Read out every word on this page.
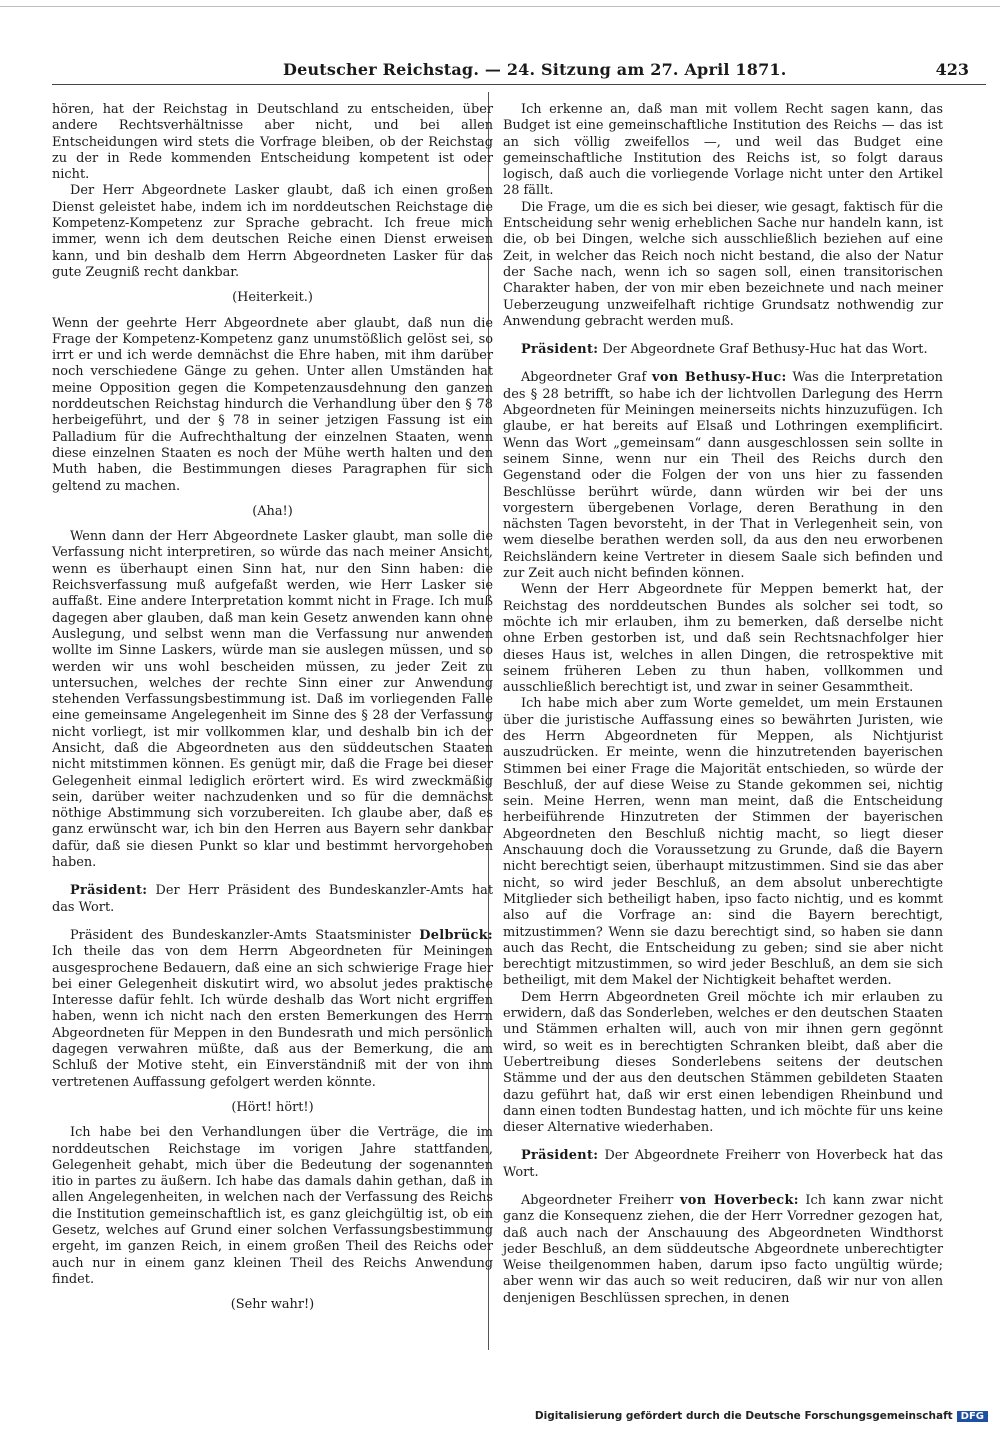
Deutscher Reichstag. — 24. Sitzung am 27. April 1871.	423

hören, hat der Reichstag in Deutschland zu entscheiden, über andere Rechtsverhältnisse aber nicht, und bei allen Entscheidungen wird stets die Vorfrage bleiben, ob der Reichstag zu der in Rede kommenden Entscheidung kompetent ist oder nicht.

Der Herr Abgeordnete Lasker glaubt, daß ich einen großen Dienst geleistet habe, indem ich im norddeutschen Reichstage die Kompetenz-Kompetenz zur Sprache gebracht. Ich freue mich immer, wenn ich dem deutschen Reiche einen Dienst erweisen kann, und bin deshalb dem Herrn Abgeordneten Lasker für das gute Zeugniß recht dankbar.

(Heiterkeit.)

Wenn der geehrte Herr Abgeordnete aber glaubt, daß nun die Frage der Kompetenz-Kompetenz ganz unumstößlich gelöst sei, so irrt er und ich werde demnächst die Ehre haben, mit ihm darüber noch verschiedene Gänge zu gehen. Unter allen Umständen hat meine Opposition gegen die Kompetenzausdehnung den ganzen norddeutschen Reichstag hindurch die Verhandlung über den § 78 herbeigeführt, und der § 78 in seiner jetzigen Fassung ist ein Palladium für die Aufrechthaltung der einzelnen Staaten, wenn diese einzelnen Staaten es noch der Mühe werth halten und den Muth haben, die Bestimmungen dieses Paragraphen für sich geltend zu machen.

(Aha!)

Wenn dann der Herr Abgeordnete Lasker glaubt, man solle die Verfassung nicht interpretiren, so würde das nach meiner Ansicht, wenn es überhaupt einen Sinn hat, nur den Sinn haben: die Reichsverfassung muß aufgefaßt werden, wie Herr Lasker sie auffaßt. Eine andere Interpretation kommt nicht in Frage. Ich muß dagegen aber glauben, daß man kein Gesetz anwenden kann ohne Auslegung, und selbst wenn man die Verfassung nur anwenden wollte im Sinne Laskers, würde man sie auslegen müssen, und so werden wir uns wohl bescheiden müssen, zu jeder Zeit zu untersuchen, welches der rechte Sinn einer zur Anwendung stehenden Verfassungsbestimmung ist. Daß im vorliegenden Falle eine gemeinsame Angelegenheit im Sinne des § 28 der Verfassung nicht vorliegt, ist mir vollkommen klar, und deshalb bin ich der Ansicht, daß die Abgeordneten aus den süddeutschen Staaten nicht mitstimmen können. Es genügt mir, daß die Frage bei dieser Gelegenheit einmal lediglich erörtert wird. Es wird zweckmäßig sein, darüber weiter nachzudenken und so für die demnächst nöthige Abstimmung sich vorzubereiten. Ich glaube aber, daß es ganz erwünscht war, ich bin den Herren aus Bayern sehr dankbar dafür, daß sie diesen Punkt so klar und bestimmt hervorgehoben haben.

Präsident: Der Herr Präsident des Bundeskanzler-Amts hat das Wort.

Präsident des Bundeskanzler-Amts Staatsminister Delbrück: Ich theile das von dem Herrn Abgeordneten für Meiningen ausgesprochene Bedauern, daß eine an sich schwierige Frage hier bei einer Gelegenheit diskutirt wird, wo absolut jedes praktische Interesse dafür fehlt. Ich würde deshalb das Wort nicht ergriffen haben, wenn ich nicht nach den ersten Bemerkungen des Herrn Abgeordneten für Meppen in den Bundesrath und mich persönlich dagegen verwahren müßte, daß aus der Bemerkung, die am Schluß der Motive steht, ein Einverständniß mit der von ihm vertretenen Auffassung gefolgert werden könnte.

(Hört! hört!)

Ich habe bei den Verhandlungen über die Verträge, die im norddeutschen Reichstage im vorigen Jahre stattfanden, Gelegenheit gehabt, mich über die Bedeutung der sogenannten itio in partes zu äußern. Ich habe das damals dahin gethan, daß in allen Angelegenheiten, in welchen nach der Verfassung des Reichs die Institution gemeinschaftlich ist, es ganz gleichgültig ist, ob ein Gesetz, welches auf Grund einer solchen Verfassungsbestimmung ergeht, im ganzen Reich, in einem großen Theil des Reichs oder auch nur in einem ganz kleinen Theil des Reichs Anwendung findet.

(Sehr wahr!)

Ich erkenne an, daß man mit vollem Recht sagen kann, das Budget ist eine gemeinschaftliche Institution des Reichs — das ist an sich völlig zweifellos —, und weil das Budget eine gemeinschaftliche Institution des Reichs ist, so folgt daraus logisch, daß auch die vorliegende Vorlage nicht unter den Artikel 28 fällt.

Die Frage, um die es sich bei dieser, wie gesagt, faktisch für die Entscheidung sehr wenig erheblichen Sache nur handeln kann, ist die, ob bei Dingen, welche sich ausschließlich beziehen auf eine Zeit, in welcher das Reich noch nicht bestand, die also der Natur der Sache nach, wenn ich so sagen soll, einen transitorischen Charakter haben, der von mir eben bezeichnete und nach meiner Ueberzeugung unzweifelhaft richtige Grundsatz nothwendig zur Anwendung gebracht werden muß.

Präsident: Der Abgeordnete Graf Bethusy-Huc hat das Wort.

Abgeordneter Graf von Bethusy-Huc: Was die Interpretation des § 28 betrifft, so habe ich der lichtvollen Darlegung des Herrn Abgeordneten für Meiningen meinerseits nichts hinzuzufügen. Ich glaube, er hat bereits auf Elsaß und Lothringen exemplificirt. Wenn das Wort „gemeinsam“ dann ausgeschlossen sein sollte in seinem Sinne, wenn nur ein Theil des Reichs durch den Gegenstand oder die Folgen der von uns hier zu fassenden Beschlüsse berührt würde, dann würden wir bei der uns vorgestern übergebenen Vorlage, deren Berathung in den nächsten Tagen bevorsteht, in der That in Verlegenheit sein, von wem dieselbe berathen werden soll, da aus den neu erworbenen Reichsländern keine Vertreter in diesem Saale sich befinden und zur Zeit auch nicht befinden können.

Wenn der Herr Abgeordnete für Meppen bemerkt hat, der Reichstag des norddeutschen Bundes als solcher sei todt, so möchte ich mir erlauben, ihm zu bemerken, daß derselbe nicht ohne Erben gestorben ist, und daß sein Rechtsnachfolger hier dieses Haus ist, welches in allen Dingen, die retrospektive mit seinem früheren Leben zu thun haben, vollkommen und ausschließlich berechtigt ist, und zwar in seiner Gesammtheit.

Ich habe mich aber zum Worte gemeldet, um mein Erstaunen über die juristische Auffassung eines so bewährten Juristen, wie des Herrn Abgeordneten für Meppen, als Nichtjurist auszudrücken. Er meinte, wenn die hinzutretenden bayerischen Stimmen bei einer Frage die Majorität entschieden, so würde der Beschluß, der auf diese Weise zu Stande gekommen sei, nichtig sein. Meine Herren, wenn man meint, daß die Entscheidung herbeiführende Hinzutreten der Stimmen der bayerischen Abgeordneten den Beschluß nichtig macht, so liegt dieser Anschauung doch die Voraussetzung zu Grunde, daß die Bayern nicht berechtigt seien, überhaupt mitzustimmen. Sind sie das aber nicht, so wird jeder Beschluß, an dem absolut unberechtigte Mitglieder sich betheiligt haben, ipso facto nichtig, und es kommt also auf die Vorfrage an: sind die Bayern berechtigt, mitzustimmen? Wenn sie dazu berechtigt sind, so haben sie dann auch das Recht, die Entscheidung zu geben; sind sie aber nicht berechtigt mitzustimmen, so wird jeder Beschluß, an dem sie sich betheiligt, mit dem Makel der Nichtigkeit behaftet werden.

Dem Herrn Abgeordneten Greil möchte ich mir erlauben zu erwidern, daß das Sonderleben, welches er den deutschen Staaten und Stämmen erhalten will, auch von mir ihnen gern gegönnt wird, so weit es in berechtigten Schranken bleibt, daß aber die Uebertreibung dieses Sonderlebens seitens der deutschen Stämme und der aus den deutschen Stämmen gebildeten Staaten dazu geführt hat, daß wir erst einen lebendigen Rheinbund und dann einen todten Bundestag hatten, und ich möchte für uns keine dieser Alternative wiederhaben.

Präsident: Der Abgeordnete Freiherr von Hoverbeck hat das Wort.

Abgeordneter Freiherr von Hoverbeck: Ich kann zwar nicht ganz die Konsequenz ziehen, die der Herr Vorredner gezogen hat, daß auch nach der Anschauung des Abgeordneten Windthorst jeder Beschluß, an dem süddeutsche Abgeordnete unberechtigter Weise theilgenommen haben, darum ipso facto ungültig würde; aber wenn wir das auch so weit reduciren, daß wir nur von allen denjenigen Beschlüssen sprechen, in denen

Digitalisierung gefördert durch die Deutsche Forschungsgemeinschaft DFG
